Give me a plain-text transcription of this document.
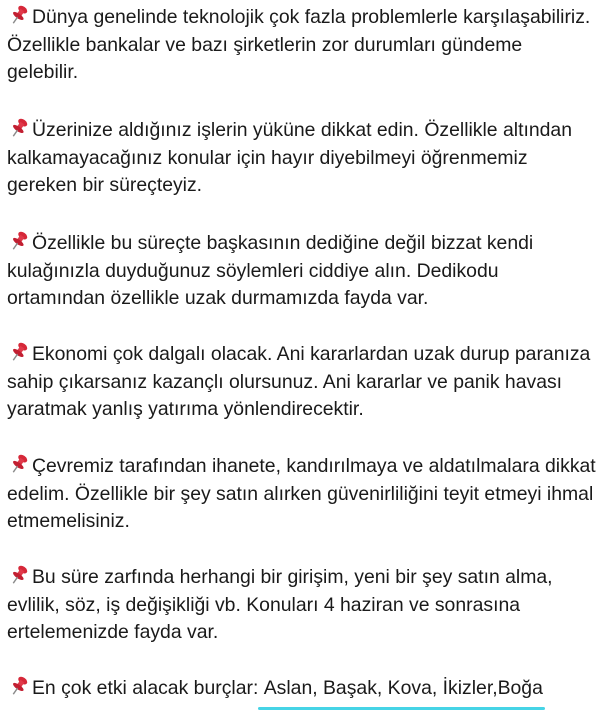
Dünya genelinde teknolojik çok fazla problemlerle karşılaşabiliriz. Özellikle bankalar ve bazı şirketlerin zor durumları gündeme gelebilir.

Üzerinize aldığınız işlerin yüküne dikkat edin. Özellikle altından kalkamayacağınız konular için hayır diyebilmeyi öğrenmemiz gereken bir süreçteyiz.

Özellikle bu süreçte başkasının dediğine değil bizzat kendi kulağınızla duyduğunuz söylemleri ciddiye alın. Dedikodu ortamından özellikle uzak durmamızda fayda var.

Ekonomi çok dalgalı olacak. Ani kararlardan uzak durup paranıza sahip çıkarsanız kazançlı olursunuz. Ani kararlar ve panik havası yaratmak yanlış yatırıma yönlendirecektir.

Çevremiz tarafından ihanete, kandırılmaya ve aldatılmalara dikkat edelim. Özellikle bir şey satın alırken güvenirliliğini teyit etmeyi ihmal etmemelisiniz.

Bu süre zarfında herhangi bir girişim, yeni bir şey satın alma, evlilik, söz, iş değişikliği vb. Konuları 4 haziran ve sonrasına ertelemenizde fayda var.

En çok etki alacak burçlar: Aslan, Başak, Kova, İkizler,Boğa
